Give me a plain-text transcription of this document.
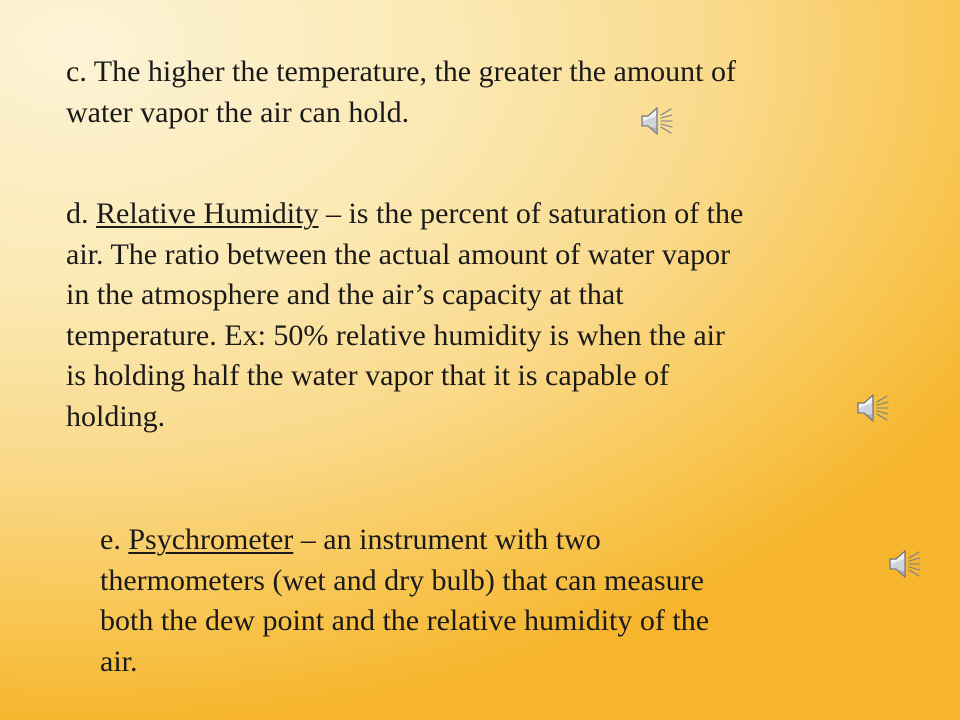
c. The higher the temperature, the greater the amount of
water vapor the air can hold.

d. Relative Humidity – is the percent of saturation of the
air. The ratio between the actual amount of water vapor
in the atmosphere and the air’s capacity at that
temperature. Ex: 50% relative humidity is when the air
is holding half the water vapor that it is capable of
holding.

e. Psychrometer – an instrument with two
thermometers (wet and dry bulb) that can measure
both the dew point and the relative humidity of the
air.
